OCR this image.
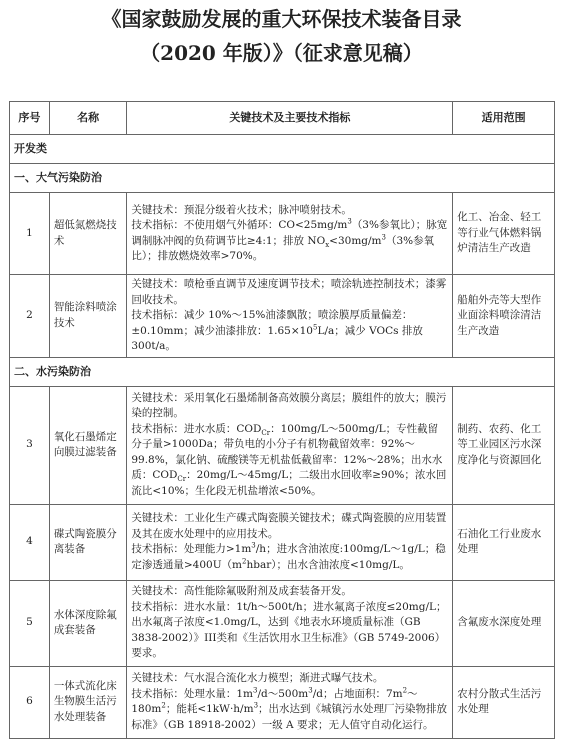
《国家鼓励发展的重大环保技术装备目录
（2020 年版）》（征求意见稿）
序号	名称	关键技术及主要技术指标	适用范围
开发类			
一、大气污染防治			
1	超低氮燃烧技术	关键技术：预混分级着火技术；脉冲喷射技术。

技术指标：不使用烟气外循环：$CO<25mg/m^3(3\%$参氧比）；脉宽调制脉冲阀的负荷调节比≥4:1；排放 $NO_x<30mg/m^3(3\%$参氧比）；排放燃烧效率>70%。	化工、冶金、轻工等行业气体燃料锅炉清洁生产改造
2	智能涂料喷涂技术	关键技术：喷枪垂直调节及速度调节技术；喷涂轨迹控制技术；漆雾回收技术。

技术指标：减少 10%～15%油漆飘散；喷涂膜厚质量偏差：±0.10mm；减少油漆排放：$1.65\times 10^5L/a$；减少 VOCs 排放 300t/a。	船舶外壳等大型作业面涂料喷涂清洁生产改造
二、水污染防治			
3	氧化石墨烯定向膜过滤装备	关键技术：采用氧化石墨烯制备高效膜分离层；膜组件的放大；膜污染的控制。

技术指标：进水水质：$COD_{Cr}$：100mg/L～500mg/L；专性截留分子量>1000Da；带负电的小分子有机物截留效率：92%～99.8%，氯化钠、硫酸镁等无机盐低截留率：12%～28%；出水水质：$COD_{Cr}$：20mg/L～45mg/L；二级出水回收率≥90%；浓水回流比<10%；生化段无机盐增浓<50%。	制药、农药、化工等工业园区污水深度净化与资源回化
4	碟式陶瓷膜分离装备	关键技术：工业化生产碟式陶瓷膜关键技术；碟式陶瓷膜的应用装置及其在废水处理中的应用技术。

技术指标：处理能力$>1m^3/h$；进水含油浓度:100mg/L～1g/L；稳定渗透通量$>400U(m^2hbar)$；出水含油浓度<10mg/L。	石油化工行业废水处理
5	水体深度除氟成套装备	关键技术：高性能除氟吸附剂及成套装备开发。

技术指标：进水水量：1t/h～500t/h；进水氟离子浓度≤20mg/L；出水氟离子浓度<1.0mg/L，达到《地表水环境质量标准（GB 3838-2002）》III类和《生活饮用水卫生标准》（GB 5749-2006）要求。	含氟废水深度处理
6	一体式流化床生物膜生活污水处理装备	关键技术：气水混合流化水力模型；渐进式曝气技术。

技术指标：处理水量：$1m^3/d\sim 500m^3/d$；占地面积：$7m^2\sim 180m^2$；能耗$<1kW\cdot h/m^3$；出水达到《城镇污水处理厂污染物排放标准》（GB 18918-2002）一级 A 要求；无人值守自动化运行。	农村分散式生活污水处理
